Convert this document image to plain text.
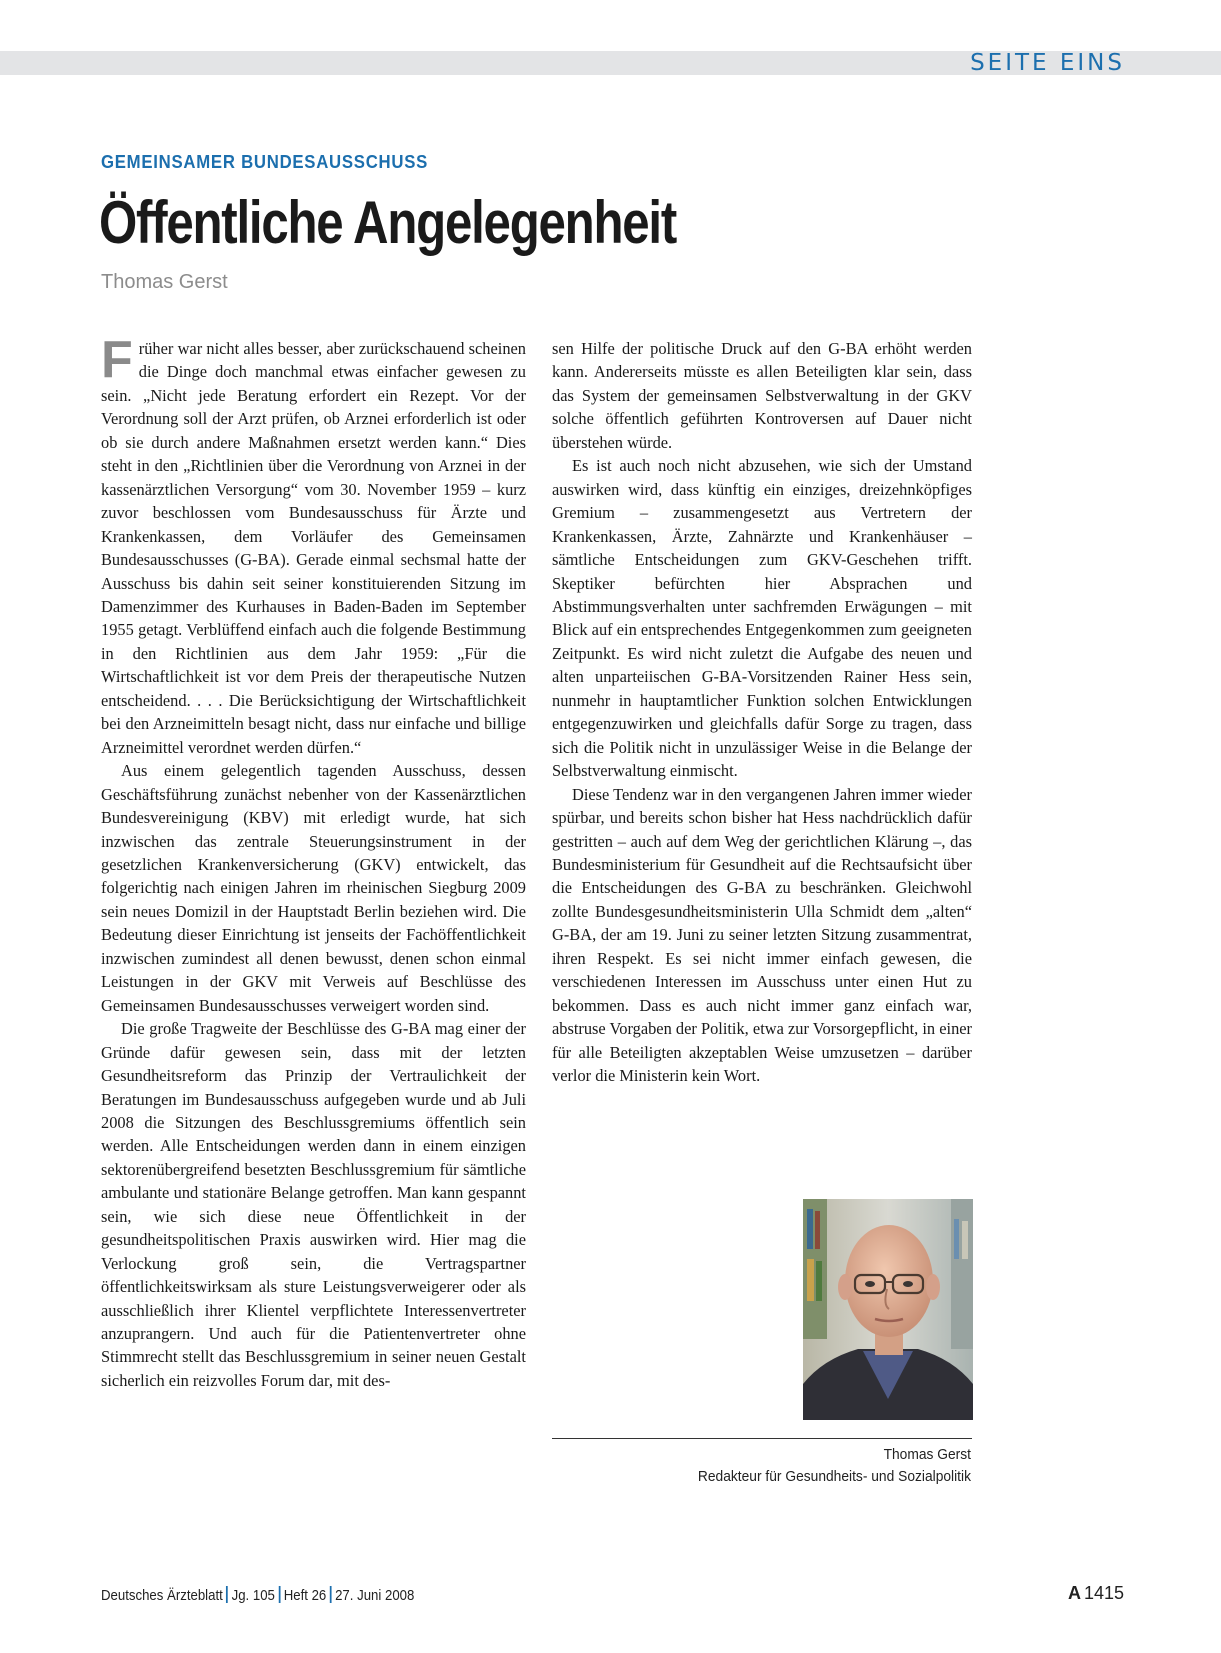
SEITE EINS
GEMEINSAMER BUNDESAUSSCHUSS
Öffentliche Angelegenheit
Thomas Gerst

Früher war nicht alles besser, aber zurückschauend scheinen die Dinge doch manchmal etwas einfacher gewesen zu sein. „Nicht jede Beratung erfordert ein Rezept. Vor der Verordnung soll der Arzt prüfen, ob Arznei erforderlich ist oder ob sie durch andere Maßnahmen ersetzt werden kann.“ Dies steht in den „Richtlinien über die Verordnung von Arznei in der kassenärztlichen Versorgung“ vom 30. November 1959 – kurz zuvor beschlossen vom Bundesausschuss für Ärzte und Krankenkassen, dem Vorläufer des Gemeinsamen Bundesausschusses (G-BA). Gerade einmal sechsmal hatte der Ausschuss bis dahin seit seiner konstituierenden Sitzung im Damenzimmer des Kurhauses in Baden-Baden im September 1955 getagt. Verblüffend einfach auch die folgende Bestimmung in den Richtlinien aus dem Jahr 1959: „Für die Wirtschaftlichkeit ist vor dem Preis der therapeutische Nutzen entscheidend. . . . Die Berücksichtigung der Wirtschaftlichkeit bei den Arzneimitteln besagt nicht, dass nur einfache und billige Arzneimittel verordnet werden dürfen.“

Aus einem gelegentlich tagenden Ausschuss, dessen Geschäftsführung zunächst nebenher von der Kassenärztlichen Bundesvereinigung (KBV) mit erledigt wurde, hat sich inzwischen das zentrale Steuerungsinstrument in der gesetzlichen Krankenversicherung (GKV) entwickelt, das folgerichtig nach einigen Jahren im rheinischen Siegburg 2009 sein neues Domizil in der Hauptstadt Berlin beziehen wird. Die Bedeutung dieser Einrichtung ist jenseits der Fachöffentlichkeit inzwischen zumindest all denen bewusst, denen schon einmal Leistungen in der GKV mit Verweis auf Beschlüsse des Gemeinsamen Bundesausschusses verweigert worden sind.

Die große Tragweite der Beschlüsse des G-BA mag einer der Gründe dafür gewesen sein, dass mit der letzten Gesundheitsreform das Prinzip der Vertraulichkeit der Beratungen im Bundesausschuss aufgegeben wurde und ab Juli 2008 die Sitzungen des Beschlussgremiums öffentlich sein werden. Alle Entscheidungen werden dann in einem einzigen sektorenübergreifend besetzten Beschlussgremium für sämtliche ambulante und stationäre Belange getroffen. Man kann gespannt sein, wie sich diese neue Öffentlichkeit in der gesundheitspolitischen Praxis auswirken wird. Hier mag die Verlockung groß sein, die Vertragspartner öffentlichkeitswirksam als sture Leistungsverweigerer oder als ausschließlich ihrer Klientel verpflichtete Interessenvertreter anzuprangern. Und auch für die Patientenvertreter ohne Stimmrecht stellt das Beschlussgremium in seiner neuen Gestalt sicherlich ein reizvolles Forum dar, mit des-

sen Hilfe der politische Druck auf den G-BA erhöht werden kann. Andererseits müsste es allen Beteiligten klar sein, dass das System der gemeinsamen Selbstverwaltung in der GKV solche öffentlich geführten Kontroversen auf Dauer nicht überstehen würde.

Es ist auch noch nicht abzusehen, wie sich der Umstand auswirken wird, dass künftig ein einziges, dreizehnköpfiges Gremium – zusammengesetzt aus Vertretern der Krankenkassen, Ärzte, Zahnärzte und Krankenhäuser – sämtliche Entscheidungen zum GKV-Geschehen trifft. Skeptiker befürchten hier Absprachen und Abstimmungsverhalten unter sachfremden Erwägungen – mit Blick auf ein entsprechendes Entgegenkommen zum geeigneten Zeitpunkt. Es wird nicht zuletzt die Aufgabe des neuen und alten unparteiischen G-BA-Vorsitzenden Rainer Hess sein, nunmehr in hauptamtlicher Funktion solchen Entwicklungen entgegenzuwirken und gleichfalls dafür Sorge zu tragen, dass sich die Politik nicht in unzulässiger Weise in die Belange der Selbstverwaltung einmischt.

Diese Tendenz war in den vergangenen Jahren immer wieder spürbar, und bereits schon bisher hat Hess nachdrücklich dafür gestritten – auch auf dem Weg der gerichtlichen Klärung –, das Bundesministerium für Gesundheit auf die Rechtsaufsicht über die Entscheidungen des G-BA zu beschränken. Gleichwohl zollte Bundesgesundheitsministerin Ulla Schmidt dem „alten“ G-BA, der am 19. Juni zu seiner letzten Sitzung zusammentrat, ihren Respekt. Es sei nicht immer einfach gewesen, die verschiedenen Interessen im Ausschuss unter einen Hut zu bekommen. Dass es auch nicht immer ganz einfach war, abstruse Vorgaben der Politik, etwa zur Vorsorgepflicht, in einer für alle Beteiligten akzeptablen Weise umzusetzen – darüber verlor die Ministerin kein Wort.

Thomas Gerst
Redakteur für Gesundheits- und Sozialpolitik
Deutsches Ärzteblatt Jg. 105 Heft 26 27. Juni 2008	A 1415
